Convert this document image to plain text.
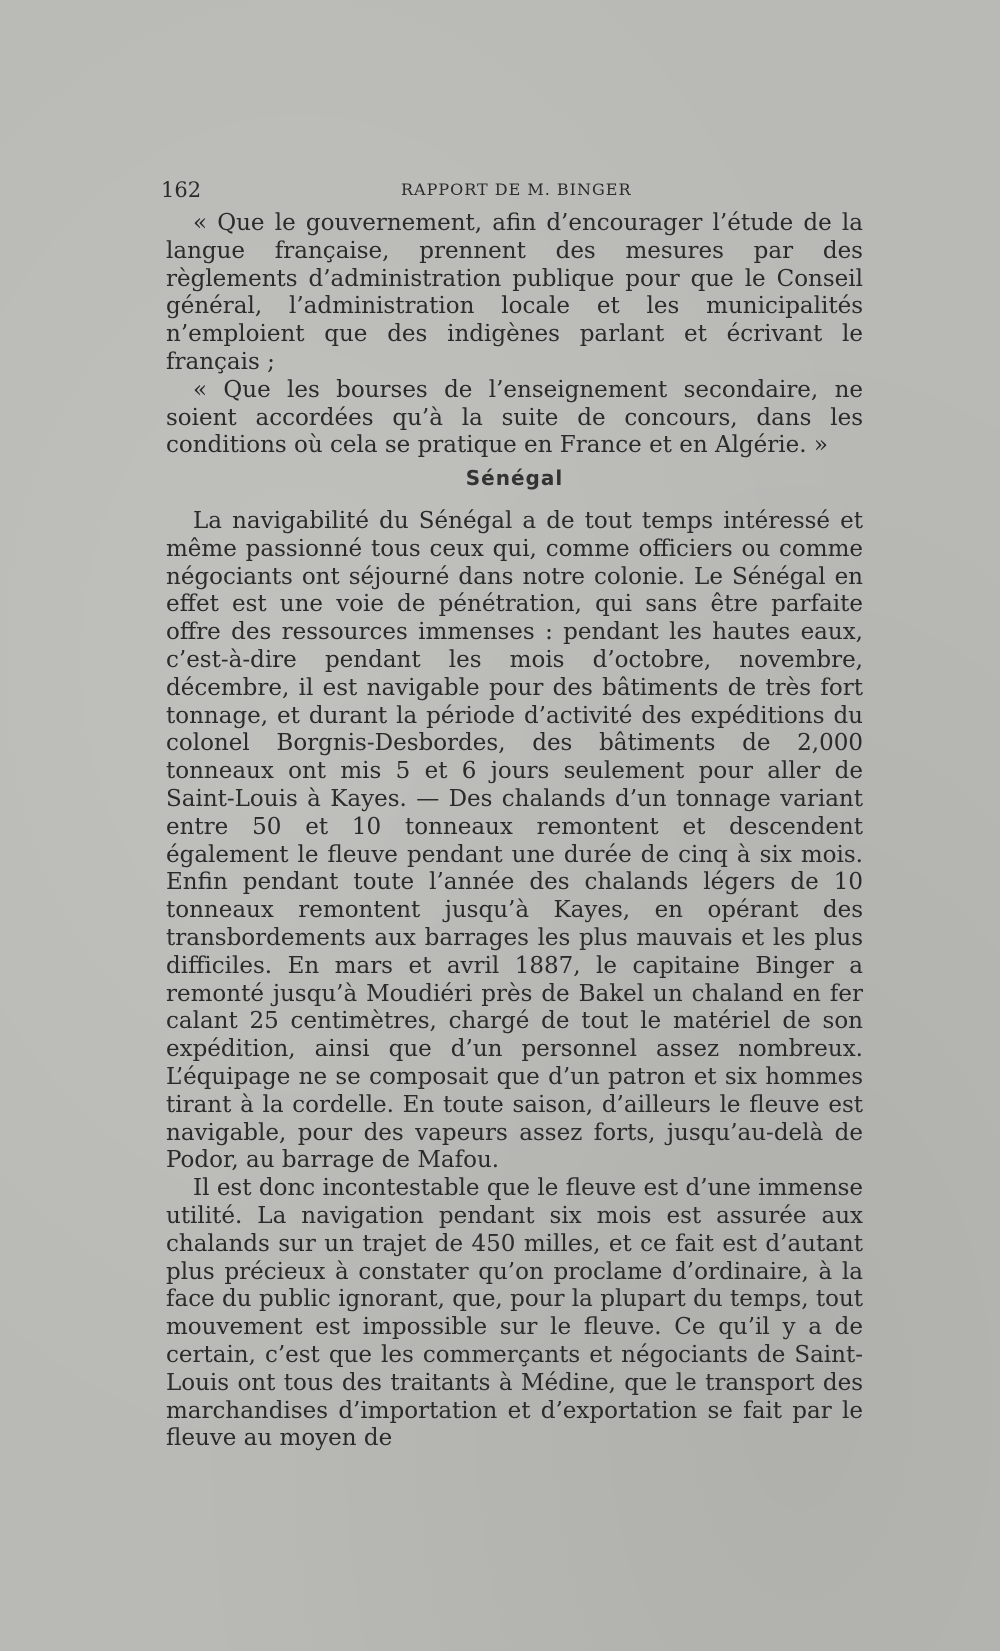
162	RAPPORT DE M. BINGER

« Que le gouvernement, afin d’encourager l’étude de la langue française, prennent des mesures par des règlements d’administration publique pour que le Conseil général, l’administration locale et les municipalités n’emploient que des indigènes parlant et écrivant le français ;

« Que les bourses de l’enseignement secondaire, ne soient accordées qu’à la suite de concours, dans les conditions où cela se pratique en France et en Algérie. »

Sénégal

La navigabilité du Sénégal a de tout temps intéressé et même passionné tous ceux qui, comme officiers ou comme négociants ont séjourné dans notre colonie. Le Sénégal en effet est une voie de pénétration, qui sans être parfaite offre des ressources immenses : pendant les hautes eaux, c’est-à-dire pendant les mois d’octobre, novembre, décembre, il est navigable pour des bâtiments de très fort tonnage, et durant la période d’activité des expéditions du colonel Borgnis-Desbordes, des bâtiments de 2,000 tonneaux ont mis 5 et 6 jours seulement pour aller de Saint-Louis à Kayes. — Des chalands d’un tonnage variant entre 50 et 10 tonneaux remontent et descendent également le fleuve pendant une durée de cinq à six mois. Enfin pendant toute l’année des chalands légers de 10 tonneaux remontent jusqu’à Kayes, en opérant des transbordements aux barrages les plus mauvais et les plus difficiles. En mars et avril 1887, le capitaine Binger a remonté jusqu’à Moudiéri près de Bakel un chaland en fer calant 25 centimètres, chargé de tout le matériel de son expédition, ainsi que d’un personnel assez nombreux. L’équipage ne se composait que d’un patron et six hommes tirant à la cordelle. En toute saison, d’ailleurs le fleuve est navigable, pour des vapeurs assez forts, jusqu’au-delà de Podor, au barrage de Mafou.

Il est donc incontestable que le fleuve est d’une immense utilité. La navigation pendant six mois est assurée aux chalands sur un trajet de 450 milles, et ce fait est d’autant plus précieux à constater qu’on proclame d’ordinaire, à la face du public ignorant, que, pour la plupart du temps, tout mouvement est impossible sur le fleuve. Ce qu’il y a de certain, c’est que les commerçants et négociants de Saint-Louis ont tous des traitants à Médine, que le transport des marchandises d’importation et d’exportation se fait par le fleuve au moyen de
